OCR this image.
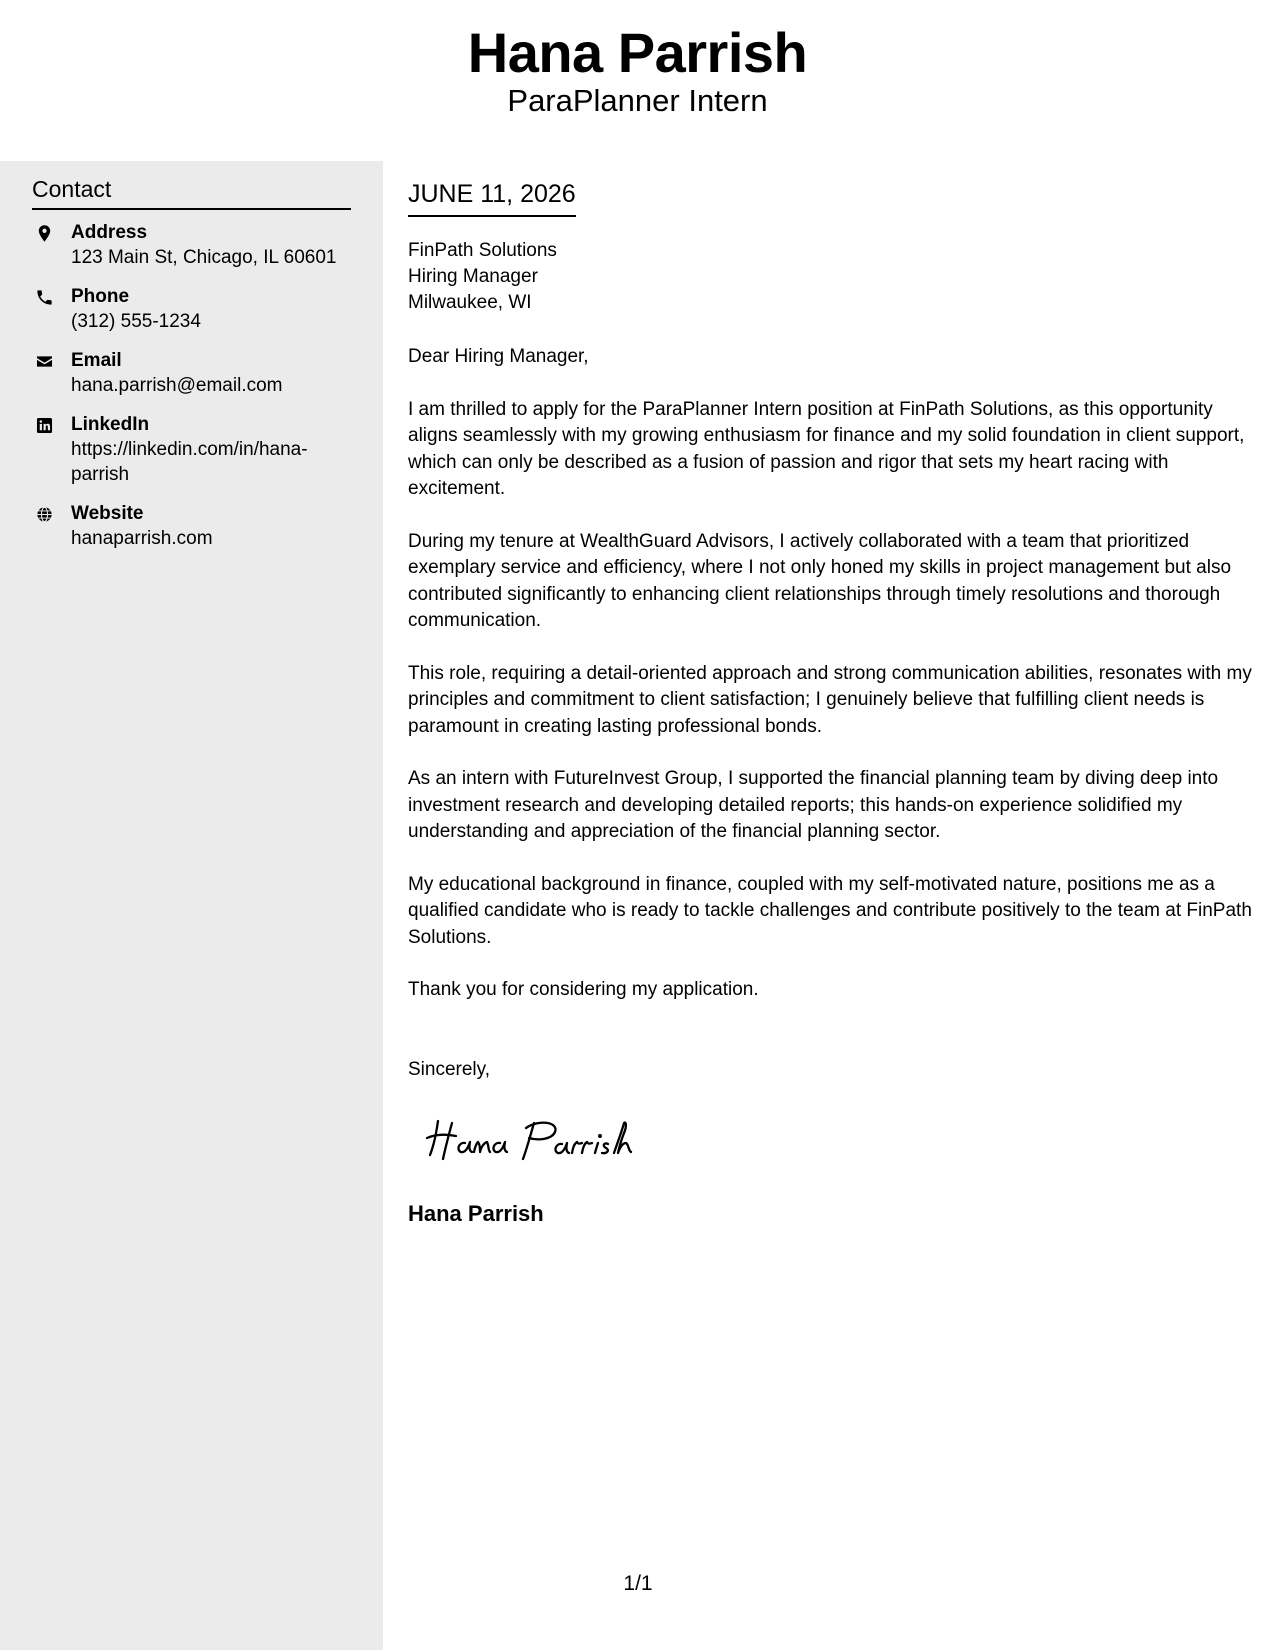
Hana Parrish
ParaPlanner Intern
Contact
Address
123 Main St, Chicago, IL 60601
Phone
(312) 555-1234
Email
hana.parrish@email.com
LinkedIn
https://linkedin.com/in/hana-parrish
Website
hanaparrish.com
JUNE 11, 2026
FinPath Solutions
Hiring Manager
Milwaukee, WI

Dear Hiring Manager,

I am thrilled to apply for the ParaPlanner Intern position at FinPath Solutions, as this opportunity aligns seamlessly with my growing enthusiasm for finance and my solid foundation in client support, which can only be described as a fusion of passion and rigor that sets my heart racing with excitement.

During my tenure at WealthGuard Advisors, I actively collaborated with a team that prioritized exemplary service and efficiency, where I not only honed my skills in project management but also contributed significantly to enhancing client relationships through timely resolutions and thorough communication.

This role, requiring a detail-oriented approach and strong communication abilities, resonates with my principles and commitment to client satisfaction; I genuinely believe that fulfilling client needs is paramount in creating lasting professional bonds.

As an intern with FutureInvest Group, I supported the financial planning team by diving deep into investment research and developing detailed reports; this hands-on experience solidified my understanding and appreciation of the financial planning sector.

My educational background in finance, coupled with my self-motivated nature, positions me as a qualified candidate who is ready to tackle challenges and contribute positively to the team at FinPath Solutions.

Thank you for considering my application.

Sincerely,
Hana Parrish
1/1
